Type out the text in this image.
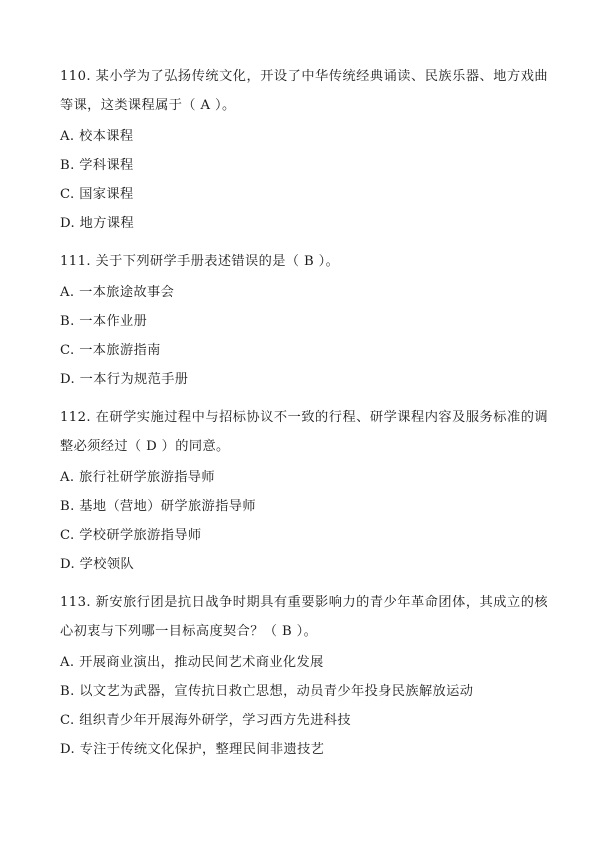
110. 某小学为了弘扬传统文化，开设了中华传统经典诵读、民族乐器、地方戏曲等课，这类课程属于（ A ）。

A. 校本课程

B. 学科课程

C. 国家课程

D. 地方课程

111. 关于下列研学手册表述错误的是（ B ）。

A. 一本旅途故事会

B. 一本作业册

C. 一本旅游指南

D. 一本行为规范手册

112. 在研学实施过程中与招标协议不一致的行程、研学课程内容及服务标准的调整必须经过（ D ）的同意。

A. 旅行社研学旅游指导师

B. 基地（营地）研学旅游指导师

C. 学校研学旅游指导师

D. 学校领队

113. 新安旅行团是抗日战争时期具有重要影响力的青少年革命团体，其成立的核心初衷与下列哪一目标高度契合？（ B ）。

A. 开展商业演出，推动民间艺术商业化发展

B. 以文艺为武器，宣传抗日救亡思想，动员青少年投身民族解放运动

C. 组织青少年开展海外研学，学习西方先进科技

D. 专注于传统文化保护，整理民间非遗技艺
